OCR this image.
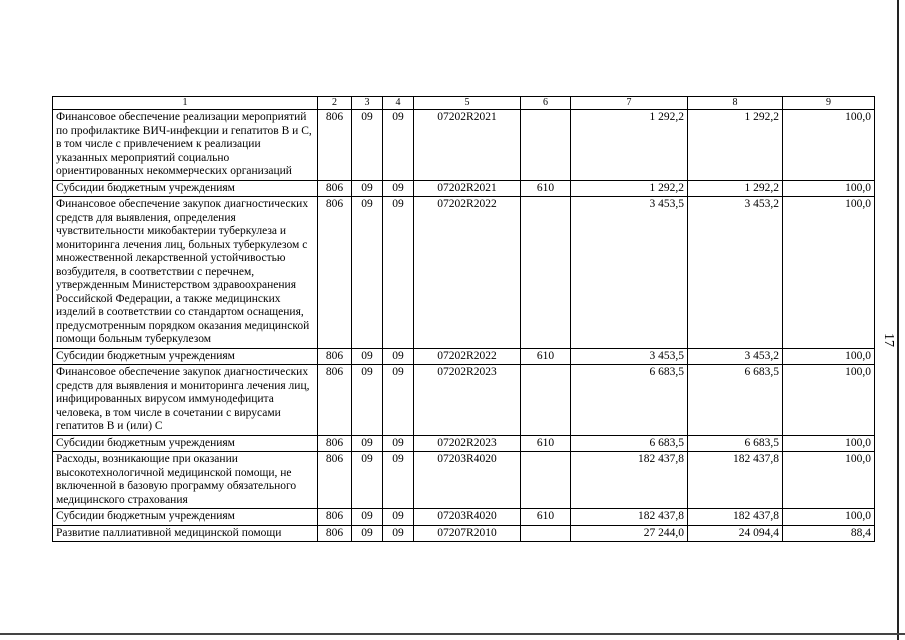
17
1	2	3	4	5	6	7	8	9
Финансовое обеспечение реализации мероприятий по профилактике ВИЧ-инфекции и гепатитов В и С, в том числе с привлечением к реализации указанных мероприятий социально ориентированных некоммерческих организаций	806	09	09	07202R2021		1 292,2	1 292,2	100,0
Субсидии бюджетным учреждениям	806	09	09	07202R2021	610	1 292,2	1 292,2	100,0
Финансовое обеспечение закупок диагностических средств для выявления, определения чувствительности микобактерии туберкулеза и мониторинга лечения лиц, больных туберкулезом с множественной лекарственной устойчивостью возбудителя, в соответствии с перечнем, утвержденным Министерством здравоохранения Российской Федерации, а также медицинских изделий в соответствии со стандартом оснащения, предусмотренным порядком оказания медицинской помощи больным туберкулезом	806	09	09	07202R2022		3 453,5	3 453,2	100,0
Субсидии бюджетным учреждениям	806	09	09	07202R2022	610	3 453,5	3 453,2	100,0
Финансовое обеспечение закупок диагностических средств для выявления и мониторинга лечения лиц, инфицированных вирусом иммунодефицита человека, в том числе в сочетании с вирусами гепатитов В и (или) С	806	09	09	07202R2023		6 683,5	6 683,5	100,0
Субсидии бюджетным учреждениям	806	09	09	07202R2023	610	6 683,5	6 683,5	100,0
Расходы, возникающие при оказании высокотехнологичной медицинской помощи, не включенной в базовую программу обязательного медицинского страхования	806	09	09	07203R4020		182 437,8	182 437,8	100,0
Субсидии бюджетным учреждениям	806	09	09	07203R4020	610	182 437,8	182 437,8	100,0
Развитие паллиативной медицинской помощи	806	09	09	07207R2010		27 244,0	24 094,4	88,4
